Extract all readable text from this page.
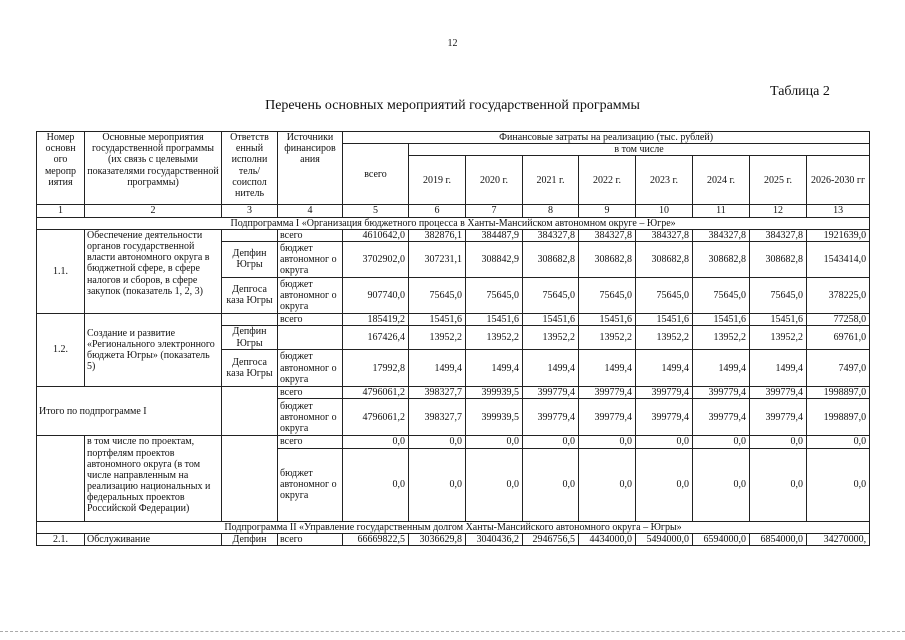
12
Таблица 2
Перечень основных мероприятий государственной программы
Номер основн ого меропр иятия	Основные мероприятия государственной программы (их связь с целевыми показателями государственной программы)	Ответств енный исполни тель/ соиспол нитель	Источники финансиров ания	Финансовые затраты на реализацию (тыс. рублей)								
				всего	в том числе							
					2019 г.	2020 г.	2021 г.	2022 г.	2023 г.	2024 г.	2025 г.	2026-2030 гг
1	2	3	4	5	6	7	8	9	10	11	12	13
Подпрограмма I «Организация бюджетного процесса в Ханты-Мансийском автономном округе – Югре»												
1.1.	Обеспечение деятельности органов государственной власти автономного округа в бюджетной сфере, в сфере налогов и сборов, в сфере закупок (показатель 1, 2, 3)		всего	4610642,0	382876,1	384487,9	384327,8	384327,8	384327,8	384327,8	384327,8	1921639,0
		Депфин Югры	бюджет автономног о округа	3702902,0	307231,1	308842,9	308682,8	308682,8	308682,8	308682,8	308682,8	1543414,0
		Депгоса каза Югры	бюджет автономног о округа	907740,0	75645,0	75645,0	75645,0	75645,0	75645,0	75645,0	75645,0	378225,0
1.2.	Создание и развитие «Регионального электронного бюджета Югры» (показатель 5)		всего	185419,2	15451,6	15451,6	15451,6	15451,6	15451,6	15451,6	15451,6	77258,0
		Депфин Югры		167426,4	13952,2	13952,2	13952,2	13952,2	13952,2	13952,2	13952,2	69761,0
		Депгоса каза Югры	бюджет автономног о округа	17992,8	1499,4	1499,4	1499,4	1499,4	1499,4	1499,4	1499,4	7497,0
Итого по подпрограмме I			всего	4796061,2	398327,7	399939,5	399779,4	399779,4	399779,4	399779,4	399779,4	1998897,0
			бюджет автономног о округа	4796061,2	398327,7	399939,5	399779,4	399779,4	399779,4	399779,4	399779,4	1998897,0
	в том числе по проектам, портфелям проектов автономного округа (в том числе направленным на реализацию национальных и федеральных проектов Российской Федерации)		всего	0,0	0,0	0,0	0,0	0,0	0,0	0,0	0,0	0,0
			бюджет автономног о округа	0,0	0,0	0,0	0,0	0,0	0,0	0,0	0,0	0,0
Подпрограмма II «Управление государственным долгом Ханты-Мансийского автономного округа – Югры»												
2.1.	Обслуживание	Депфин	всего	66669822,5	3036629,8	3040436,2	2946756,5	4434000,0	5494000,0	6594000,0	6854000,0	34270000,
